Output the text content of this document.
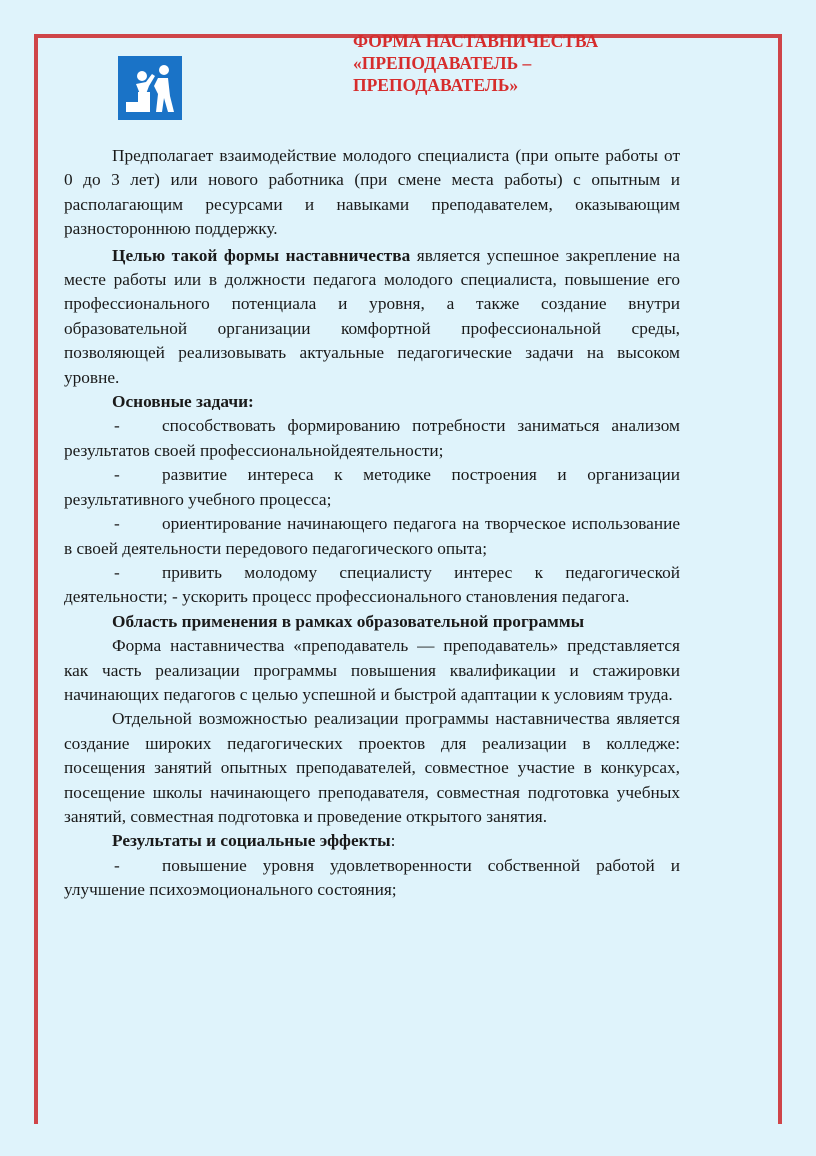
ФОРМА НАСТАВНИЧЕСТВА
«ПРЕПОДАВАТЕЛЬ –
ПРЕПОДАВАТЕЛЬ»

Предполагает взаимодействие молодого специалиста (при опыте работы от 0 до 3 лет) или нового работника (при смене места работы) с опытным и располагающим ресурсами и навыками преподавателем, оказывающим разностороннюю поддержку.

Целью такой формы наставничества является успешное закрепление на месте работы или в должности педагога молодого специалиста, повышение его профессионального потенциала и уровня, а также создание внутри образовательной организации комфортной профессиональной среды, позволяющей реализовывать актуальные педагогические задачи на высоком уровне.

Основные задачи:

- способствовать формированию потребности заниматься анализом результатов своей профессиональнойдеятельности;

- развитие интереса к методике построения и организации результативного учебного процесса;

- ориентирование начинающего педагога на творческое использование в своей деятельности передового педагогического опыта;

- привить молодому специалисту интерес к педагогической деятельности; - ускорить процесс профессионального становления педагога.

Область применения в рамках образовательной программы

Форма наставничества «преподаватель — преподаватель» представляется как часть реализации программы повышения квалификации и стажировки начинающих педагогов с целью успешной и быстрой адаптации к условиям труда.

Отдельной возможностью реализации программы наставничества является создание широких педагогических проектов для реализации в колледже: посещения занятий опытных преподавателей, совместное участие в конкурсах, посещение школы начинающего преподавателя, совместная подготовка учебных занятий, совместная подготовка и проведение открытого занятия.

Результаты и социальные эффекты:

- повышение уровня удовлетворенности собственной работой и улучшение психоэмоционального состояния;
